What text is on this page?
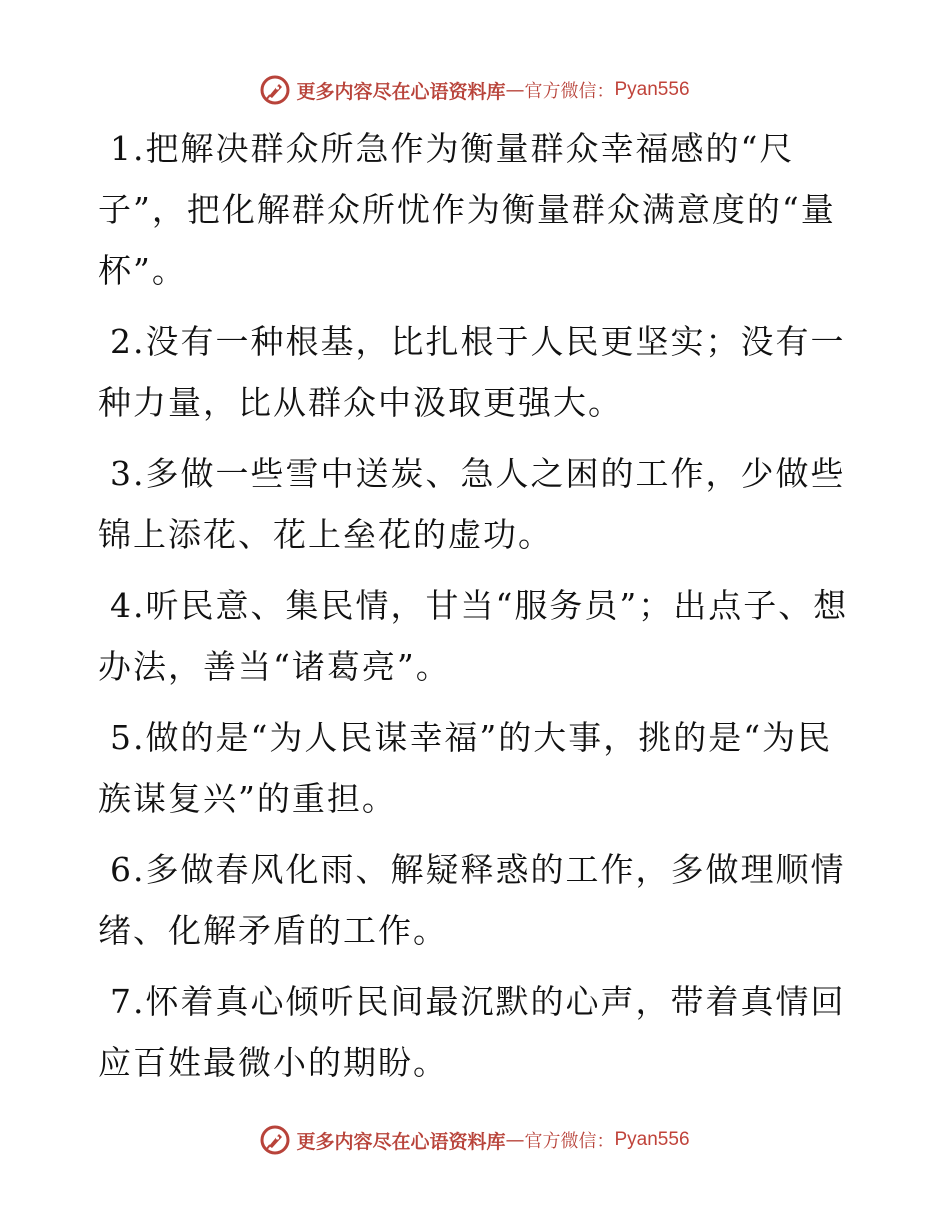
更多内容尽在心语资料库 — 官方微信： Pyan556

1.把解决群众所急作为衡量群众幸福感的“尺子”，把化解群众所忧作为衡量群众满意度的“量杯”。

2.没有一种根基，比扎根于人民更坚实；没有一种力量，比从群众中汲取更强大。

3.多做一些雪中送炭、急人之困的工作，少做些锦上添花、花上垒花的虚功。

4.听民意、集民情，甘当“服务员”；出点子、想办法，善当“诸葛亮”。

5.做的是“为人民谋幸福”的大事，挑的是“为民族谋复兴”的重担。

6.多做春风化雨、解疑释惑的工作，多做理顺情绪、化解矛盾的工作。

7.怀着真心倾听民间最沉默的心声，带着真情回应百姓最微小的期盼。

更多内容尽在心语资料库 — 官方微信： Pyan556
